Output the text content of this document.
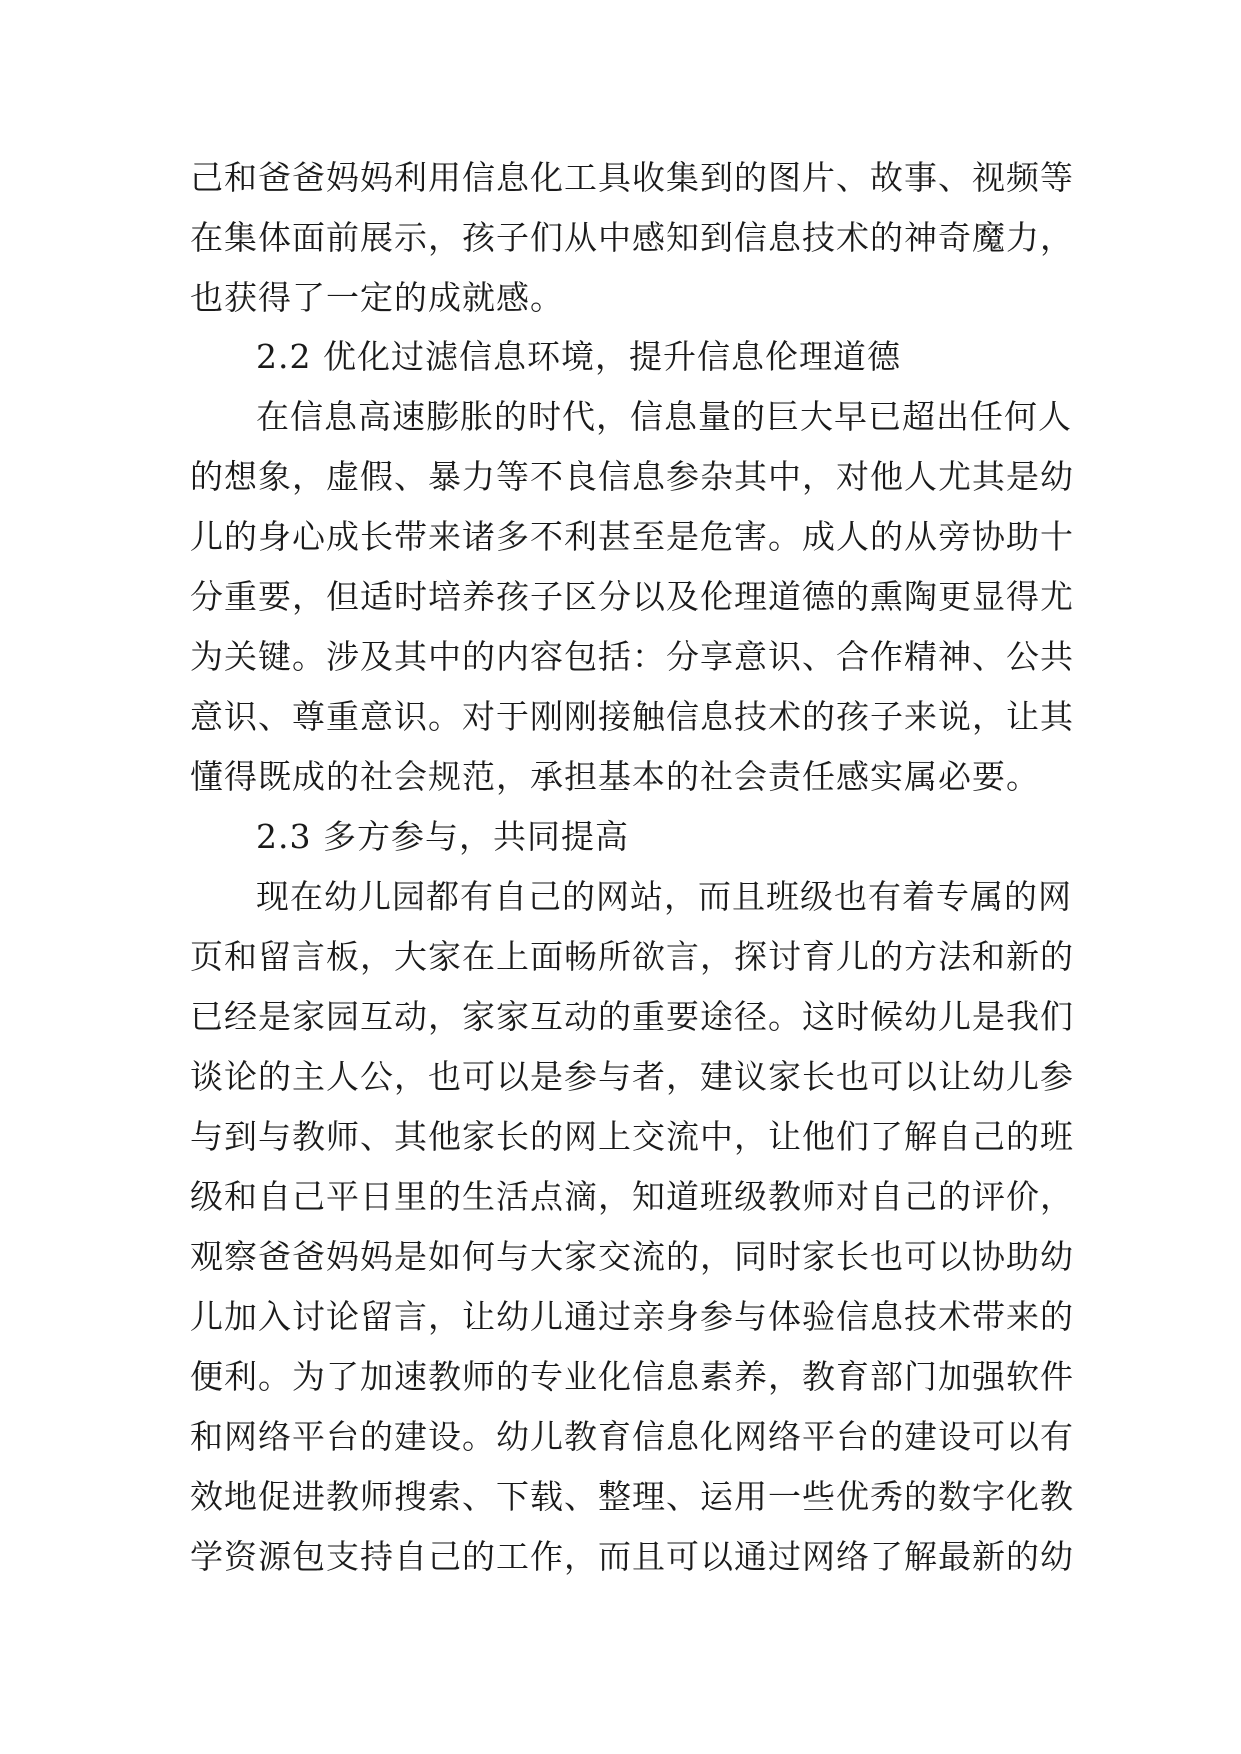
己和爸爸妈妈利用信息化工具收集到的图片、故事、视频等
在集体面前展示，孩子们从中感知到信息技术的神奇魔力，
也获得了一定的成就感。
2.2 优化过滤信息环境，提升信息伦理道德
在信息高速膨胀的时代，信息量的巨大早已超出任何人
的想象，虚假、暴力等不良信息参杂其中，对他人尤其是幼
儿的身心成长带来诸多不利甚至是危害。成人的从旁协助十
分重要，但适时培养孩子区分以及伦理道德的熏陶更显得尤
为关键。涉及其中的内容包括：分享意识、合作精神、公共
意识、尊重意识。对于刚刚接触信息技术的孩子来说，让其
懂得既成的社会规范，承担基本的社会责任感实属必要。
2.3 多方参与，共同提高
现在幼儿园都有自己的网站，而且班级也有着专属的网
页和留言板，大家在上面畅所欲言，探讨育儿的方法和新的
已经是家园互动，家家互动的重要途径。这时候幼儿是我们
谈论的主人公，也可以是参与者，建议家长也可以让幼儿参
与到与教师、其他家长的网上交流中，让他们了解自己的班
级和自己平日里的生活点滴，知道班级教师对自己的评价，
观察爸爸妈妈是如何与大家交流的，同时家长也可以协助幼
儿加入讨论留言，让幼儿通过亲身参与体验信息技术带来的
便利。为了加速教师的专业化信息素养，教育部门加强软件
和网络平台的建设。幼儿教育信息化网络平台的建设可以有
效地促进教师搜索、下载、整理、运用一些优秀的数字化教
学资源包支持自己的工作，而且可以通过网络了解最新的幼
